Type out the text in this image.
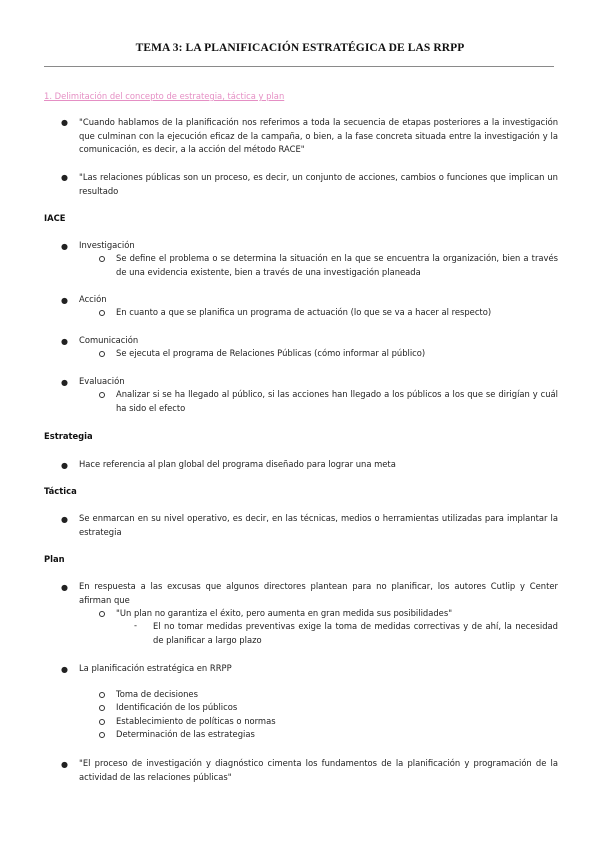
TEMA 3: LA PLANIFICACIÓN ESTRATÉGICA DE LAS RRPP
1. Delimitación del concepto de estrategia, táctica y plan
● "Cuando hablamos de la planificación nos referimos a toda la secuencia de etapas posteriores a la investigación que culminan con la ejecución eficaz de la campaña, o bien, a la fase concreta situada entre la investigación y la comunicación, es decir, a la acción del método RACE"
● "Las relaciones públicas son un proceso, es decir, un conjunto de acciones, cambios o funciones que implican un resultado
IACE
● Investigación
Se define el problema o se determina la situación en la que se encuentra la organización, bien a través de una evidencia existente, bien a través de una investigación planeada
● Acción
En cuanto a que se planifica un programa de actuación (lo que se va a hacer al respecto)
● Comunicación
Se ejecuta el programa de Relaciones Públicas (cómo informar al público)
● Evaluación
Analizar si se ha llegado al público, si las acciones han llegado a los públicos a los que se dirigían y cuál ha sido el efecto
Estrategia
● Hace referencia al plan global del programa diseñado para lograr una meta
Táctica
● Se enmarcan en su nivel operativo, es decir, en las técnicas, medios o herramientas utilizadas para implantar la estrategia
Plan
● En respuesta a las excusas que algunos directores plantean para no planificar, los autores Cutlip y Center afirman que
"Un plan no garantiza el éxito, pero aumenta en gran medida sus posibilidades"
- El no tomar medidas preventivas exige la toma de medidas correctivas y de ahí, la necesidad de planificar a largo plazo
● La planificación estratégica en RRPP
Toma de decisiones
Identificación de los públicos
Establecimiento de políticas o normas
Determinación de las estrategias
● "El proceso de investigación y diagnóstico cimenta los fundamentos de la planificación y programación de la actividad de las relaciones públicas"
